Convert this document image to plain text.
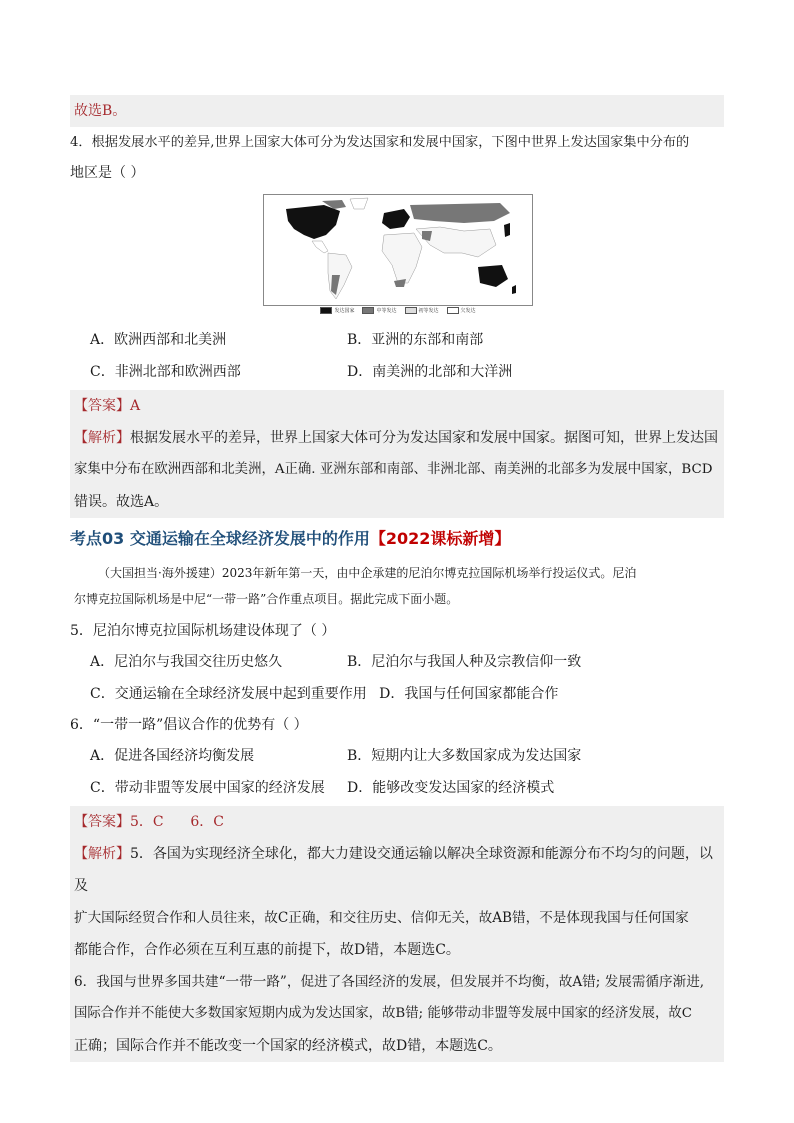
故选B。
4．根据发展水平的差异,世界上国家大体可分为发达国家和发展中国家，下图中世界上发达国家集中分布的
地区是（ ）
发达国家	中等发达	初等发达	欠发达
A．欧洲西部和北美洲	B．亚洲的东部和南部
C．非洲北部和欧洲西部	D．南美洲的北部和大洋洲
【答案】A
【解析】根据发展水平的差异，世界上国家大体可分为发达国家和发展中国家。据图可知，世界上发达国
家集中分布在欧洲西部和北美洲，A正确. 亚洲东部和南部、非洲北部、南美洲的北部多为发展中国家，BCD
错误。故选A。
考点03 交通运输在全球经济发展中的作用【2022课标新增】
（大国担当·海外援建）2023年新年第一天，由中企承建的尼泊尔博克拉国际机场举行投运仪式。尼泊
尔博克拉国际机场是中尼“一带一路”合作重点项目。据此完成下面小题。
5．尼泊尔博克拉国际机场建设体现了（ ）
A．尼泊尔与我国交往历史悠久	B．尼泊尔与我国人种及宗教信仰一致
C．交通运输在全球经济发展中起到重要作用 D．我国与任何国家都能合作
6．“一带一路”倡议合作的优势有（ ）
A．促进各国经济均衡发展	B．短期内让大多数国家成为发达国家
C．带动非盟等发展中国家的经济发展	D．能够改变发达国家的经济模式
【答案】5．C      6．C
【解析】5．各国为实现经济全球化，都大力建设交通运输以解决全球资源和能源分布不均匀的问题，以及
扩大国际经贸合作和人员往来，故C正确，和交往历史、信仰无关，故AB错，不是体现我国与任何国家
都能合作，合作必须在互利互惠的前提下，故D错，本题选C。
6．我国与世界多国共建“一带一路”，促进了各国经济的发展，但发展并不均衡，故A错; 发展需循序渐进,
国际合作并不能使大多数国家短期内成为发达国家，故B错; 能够带动非盟等发展中国家的经济发展，故C
正确；国际合作并不能改变一个国家的经济模式，故D错，本题选C。
